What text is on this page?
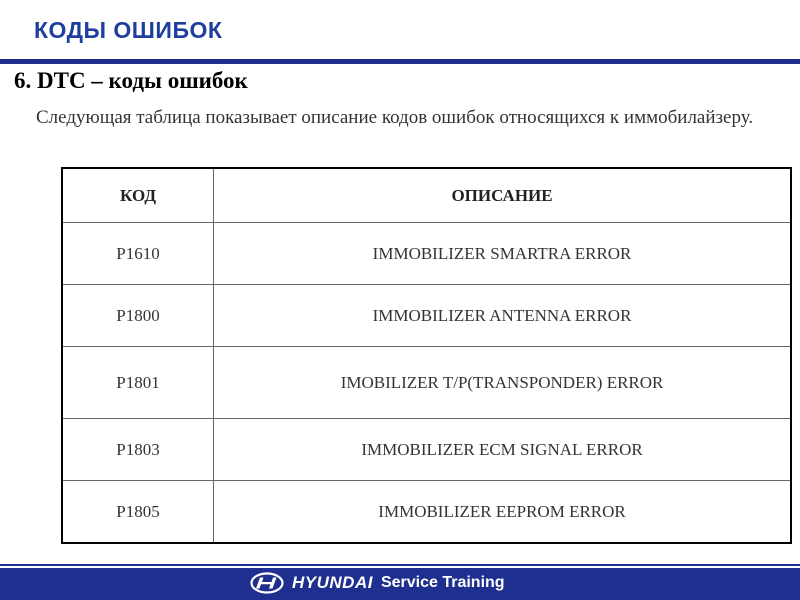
КОДЫ ОШИБОК
6. DTC – коды ошибок
Следующая таблица показывает описание кодов ошибок относящихся к иммобилайзеру.
КОД	ОПИСАНИЕ
P1610	IMMOBILIZER SMARTRA ERROR
P1800	IMMOBILIZER ANTENNA ERROR
P1801	IMOBILIZER T/P(TRANSPONDER) ERROR
P1803	IMMOBILIZER ECM SIGNAL ERROR
P1805	IMMOBILIZER EEPROM ERROR
HYUNDAI Service Training
